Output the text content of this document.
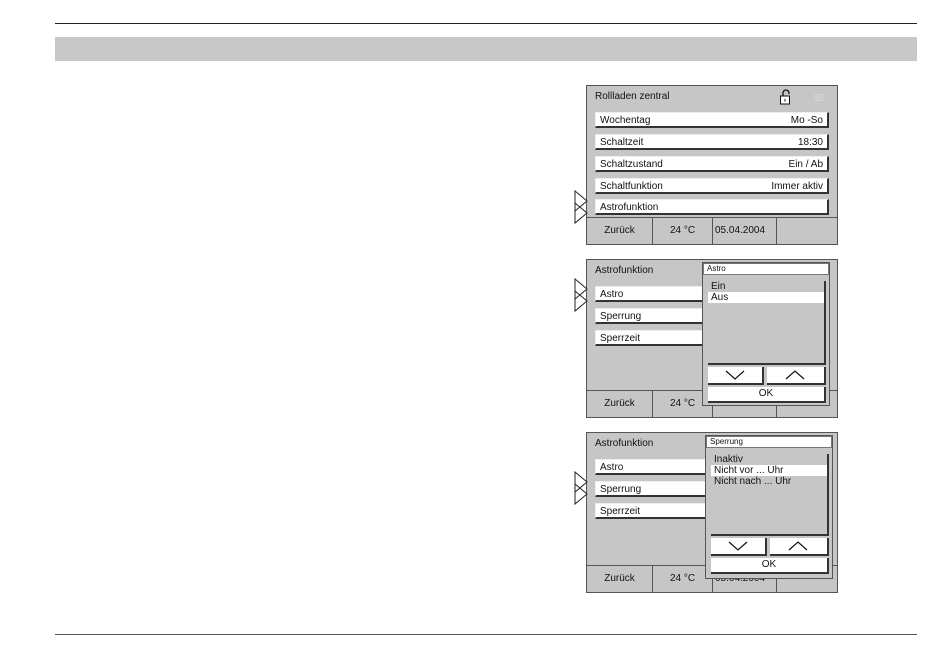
Rollladen zentral	≋
Wochentag	Mo -So
Schaltzeit	18:30
Schaltzustand	Ein / Ab
Schaltfunktion	Immer aktiv
Astrofunktion
Zurück	24 °C	05.04.2004
Astrofunktion
Astro
Sperrung
Sperrzeit
Zurück	24 °C
Astro
Ein
Aus
OK
Astrofunktion
Astro
Sperrung
Sperrzeit
Zurück	24 °C
Sperrung
Inaktiv
Nicht vor ... Uhr
Nicht nach ... Uhr
OK
